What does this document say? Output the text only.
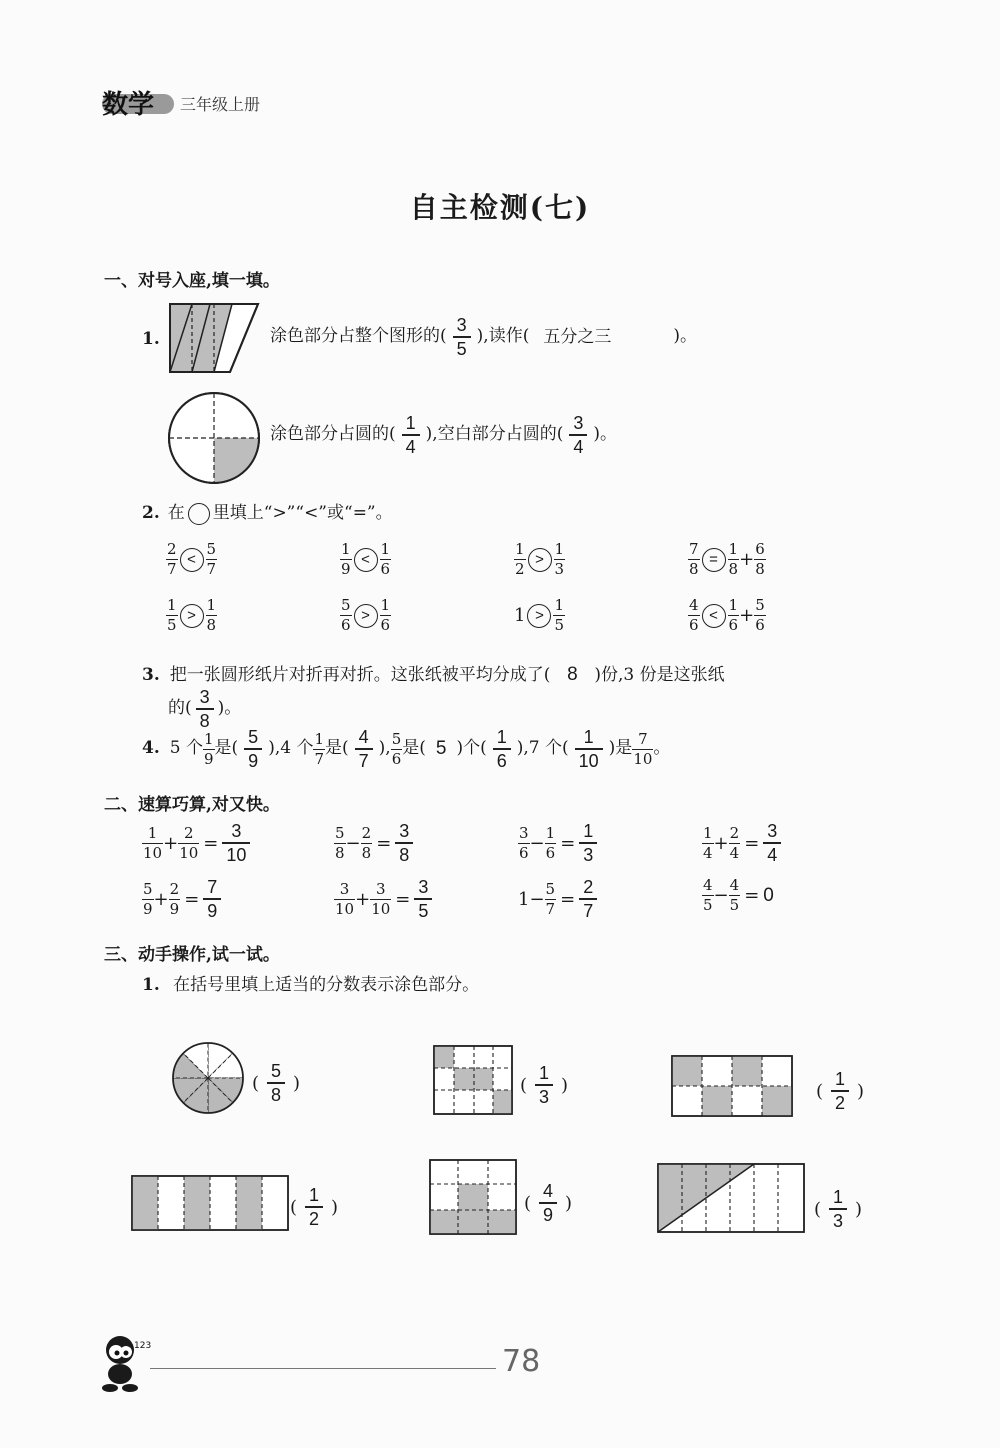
数学	三年级上册
自主检测(七)
一、对号入座,填一填。
1.	涂色部分占整个图形的 (
3
5
) ,读作( 五分之三	)。
涂色部分占圆的 (
1
4
) ,空白部分占圆的 (
3
4
) 。
2. 在 里填上“>”“<”或“=”。
3. 把一张圆形纸片对折再对折。这张纸被平均分成了( 8 )份,3 份是这张纸
的(
3
8
)。
4. 5 个 $\frac{1}{9}$ 是( $\frac{5}{9} ),4$ 个 $\frac{1}{7}$ 是( $\frac{4}{7}$ ), $\frac{5}{6}$ 是( 5 )个( $\frac{1}{6} ),7$ 个( $\frac{1}{10}$ )是 $\frac{7}{10}$ 。
二、速算巧算,对又快。
三、动手操作,试一试。
1. 在括号里填上适当的分数表示涂色部分。
123	78
$\frac{2}{7} < \frac{5}{7}$	$\frac{1}{9} < \frac{1}{6}$	$\frac{1}{2} > \frac{1}{3}$	$\frac{7}{8} = \frac{1}{8} + \frac{6}{8}$
$\frac{1}{5} > \frac{1}{8}$	$\frac{5}{6} > \frac{1}{6}$	$1 > \frac{1}{5}$	$\frac{4}{6} < \frac{1}{6} + \frac{5}{6}$
$\frac{1}{10} + \frac{2}{10} = \frac{3}{10}$	$\frac{5}{8} - \frac{2}{8} = \frac{3}{8}$	$\frac{3}{6} - \frac{1}{6} = \frac{1}{3}$	$\frac{1}{4} + \frac{2}{4} = \frac{3}{4}$
$\frac{5}{9} + \frac{2}{9} = \frac{7}{9}$	$\frac{3}{10} + \frac{3}{10} = \frac{3}{5}$	$1 - \frac{5}{7} = \frac{2}{7}$	$\frac{4}{5} - \frac{4}{5} = 0$
( $\frac{5}{8}$ )	( $\frac{1}{3}$ )	( $\frac{1}{2}$ )
( $\frac{1}{2}$ )	( $\frac{4}{9}$ )	( $\frac{1}{3}$ )
